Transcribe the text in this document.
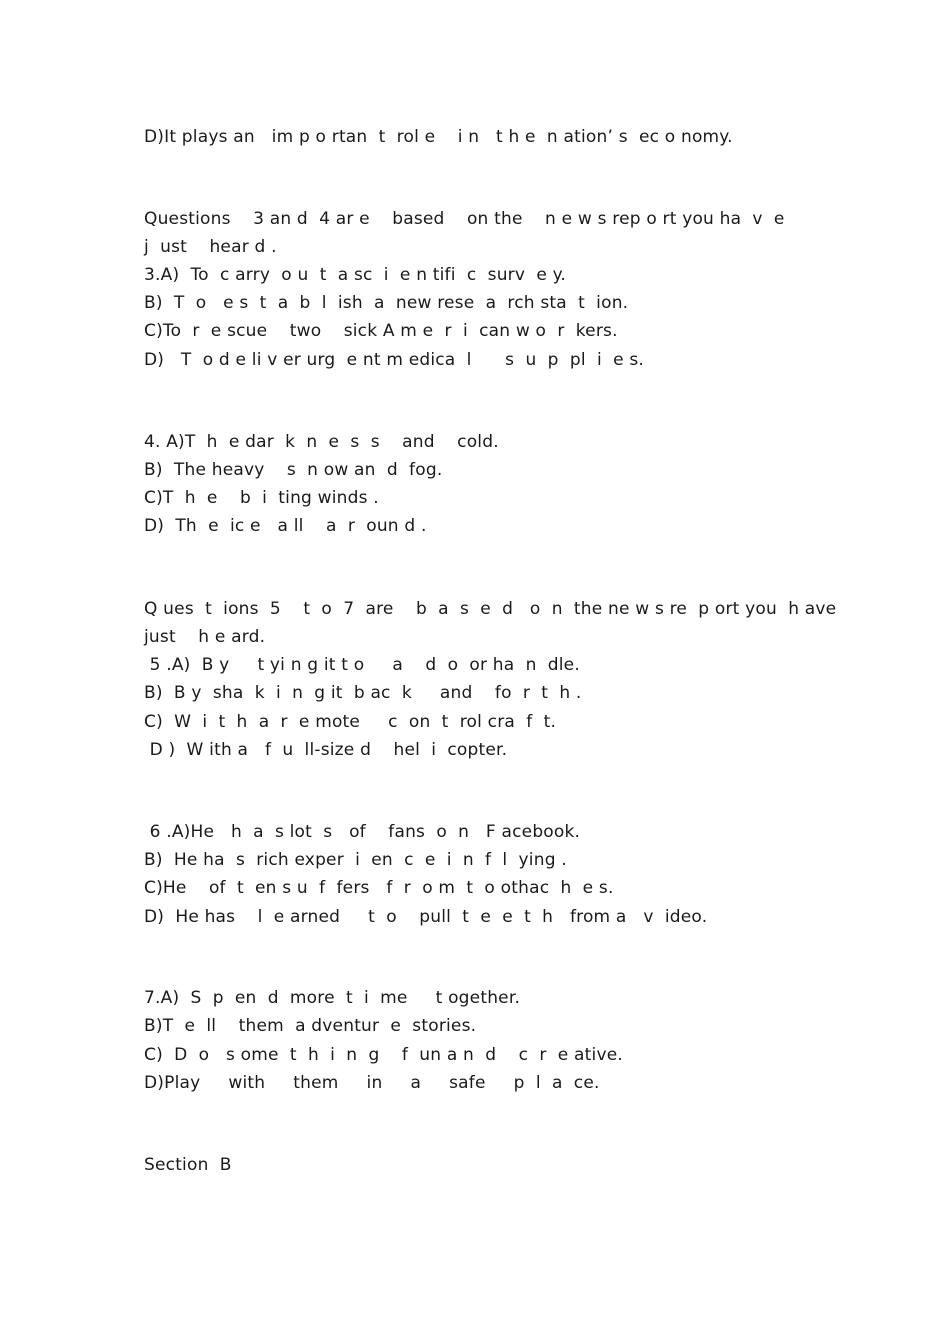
D)It plays an   im p o rtan  t  rol e    i n   t h e  n ation’ s  ec o nomy.
Questions    3 an d  4 ar e    based    on the    n e w s rep o rt you ha  v  e
j  ust    hear d .
3.A)  To  c arry  o u  t  a sc  i  e n tifi  c  surv  e y.
B)  T  o   e s  t  a  b  l  ish  a  new rese  a  rch sta  t  ion.
C)To  r  e scue    two    sick A m e  r  i  can w o  r  kers.
D)   T  o d e li v er urg  e nt m edica  l      s  u  p  pl  i  e s.
4. A)T  h  e dar  k  n  e  s  s    and    cold.
B)  The heavy    s  n ow an  d  fog.
C)T  h  e    b  i  ting winds .
D)  Th  e  ic e   a ll    a  r  oun d .
Q ues  t  ions  5    t  o  7  are    b  a  s  e  d   o  n  the ne w s re  p ort you  h ave
just    h e ard.
5 .A)  B y     t yi n g it t o     a    d  o  or ha  n  dle.
B)  B y  sha  k  i  n  g it  b ac  k     and    fo  r  t  h .
C)  W  i  t  h  a  r  e mote     c  on  t  rol cra  f  t.
D )  W ith a   f  u  ll-size d    hel  i  copter.
6 .A)He   h  a  s lot  s   of    fans  o  n   F acebook.
B)  He ha  s  rich exper  i  en  c  e  i  n  f  l  ying .
C)He    of  t  en s u  f  fers   f  r  o m  t  o othac  h  e s.
D)  He has    l  e arned     t  o    pull  t  e  e  t  h   from a   v  ideo.
7.A)  S  p  en  d  more  t  i  me     t ogether.
B)T  e  ll    them  a dventur  e  stories.
C)  D  o   s ome  t  h  i  n  g    f  un a n  d    c  r  e ative.
D)Play     with     them     in     a     safe     p  l  a  ce.
Section  B
